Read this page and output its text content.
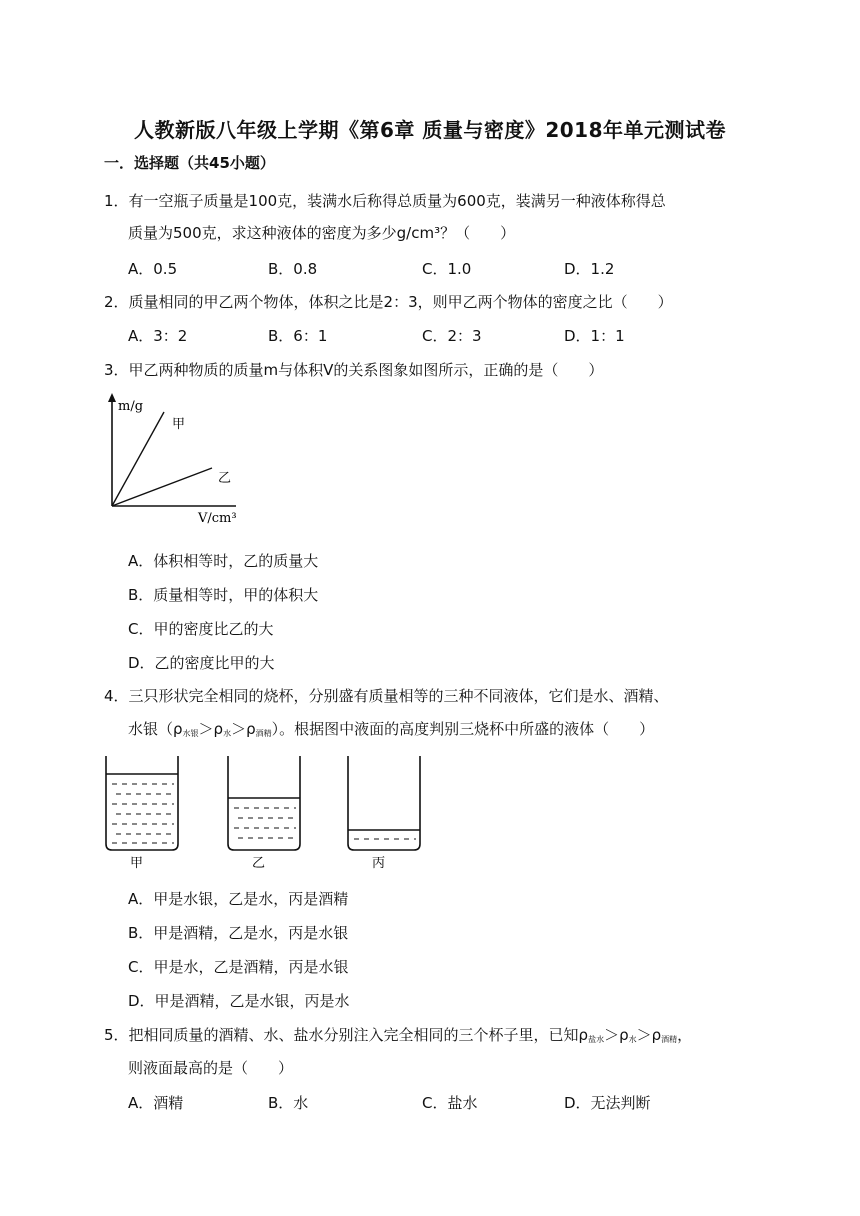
人教新版八年级上学期《第6章 质量与密度》2018年单元测试卷
一．选择题（共45小题）
1．有一空瓶子质量是100克，装满水后称得总质量为600克，装满另一种液体称得总
质量为500克，求这种液体的密度为多少g/cm³？（　　）
A．0.5	B．0.8	C．1.0	D．1.2
2．质量相同的甲乙两个物体，体积之比是2：3，则甲乙两个物体的密度之比（　　）
A．3：2	B．6：1	C．2：3	D．1：1
3．甲乙两种物质的质量m与体积V的关系图象如图所示，正确的是（　　）
m/g
V/cm³
甲
乙
A．体积相等时，乙的质量大
B．质量相等时，甲的体积大
C．甲的密度比乙的大
D．乙的密度比甲的大
4．三只形状完全相同的烧杯，分别盛有质量相等的三种不同液体，它们是水、酒精、
水银$(\rho_{水银}>\rho_水>\rho_{酒精})$。根据图中液面的高度判别三烧杯中所盛的液体（　　）
甲	乙	丙
A．甲是水银，乙是水，丙是酒精
B．甲是酒精，乙是水，丙是水银
C．甲是水，乙是酒精，丙是水银
D．甲是酒精，乙是水银，丙是水
5．把相同质量的酒精、水、盐水分别注入完全相同的三个杯子里，已知$\rho_{盐水}>\rho_水>\rho_{酒精}$，
则液面最高的是（　　）
A．酒精	B．水	C．盐水	D．无法判断
